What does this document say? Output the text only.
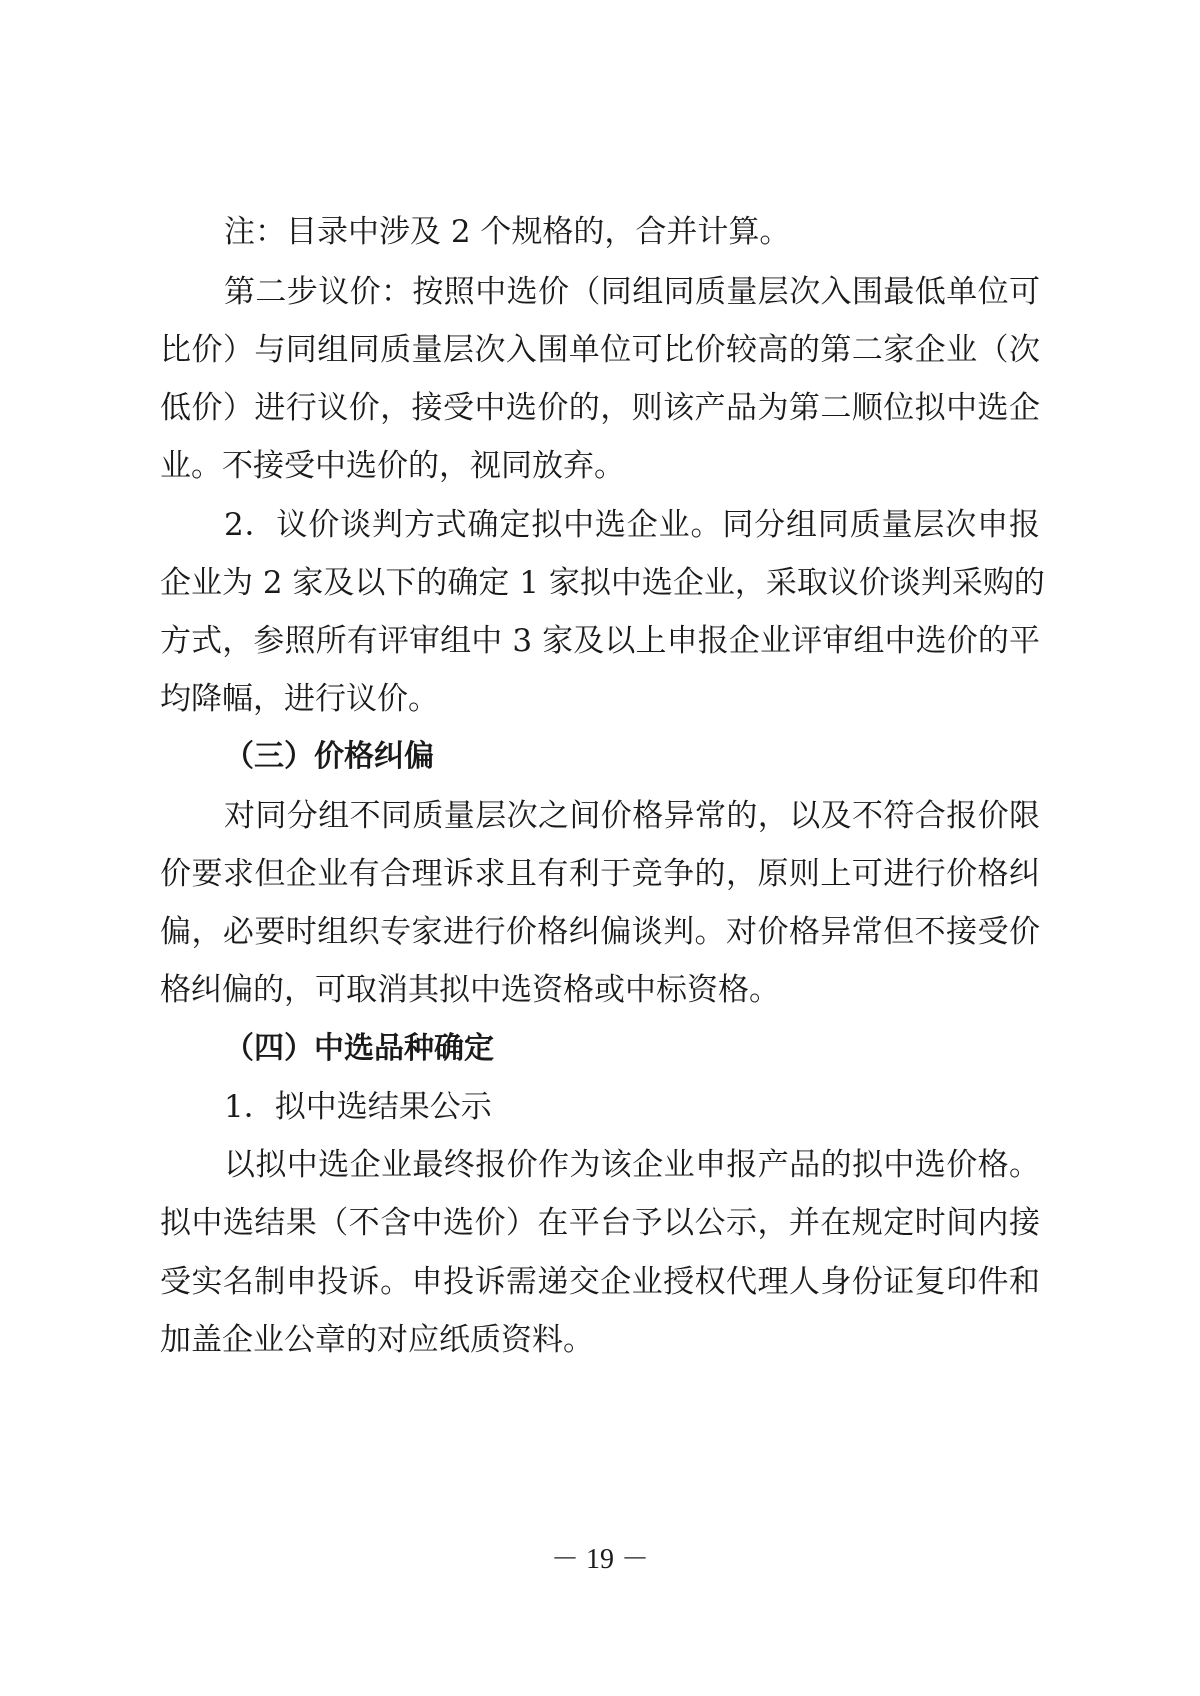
注：目录中涉及 2 个规格的，合并计算。
第二步议价：按照中选价（同组同质量层次入围最低单位可
比价）与同组同质量层次入围单位可比价较高的第二家企业（次
低价）进行议价，接受中选价的，则该产品为第二顺位拟中选企
业。不接受中选价的，视同放弃。
2．议价谈判方式确定拟中选企业。同分组同质量层次申报
企业为 2 家及以下的确定 1 家拟中选企业，采取议价谈判采购的
方式，参照所有评审组中 3 家及以上申报企业评审组中选价的平
均降幅，进行议价。
（三）价格纠偏
对同分组不同质量层次之间价格异常的，以及不符合报价限
价要求但企业有合理诉求且有利于竞争的，原则上可进行价格纠
偏，必要时组织专家进行价格纠偏谈判。对价格异常但不接受价
格纠偏的，可取消其拟中选资格或中标资格。
（四）中选品种确定
1．拟中选结果公示
以拟中选企业最终报价作为该企业申报产品的拟中选价格。
拟中选结果（不含中选价）在平台予以公示，并在规定时间内接
受实名制申投诉。申投诉需递交企业授权代理人身份证复印件和
加盖企业公章的对应纸质资料。
－ 19 －
